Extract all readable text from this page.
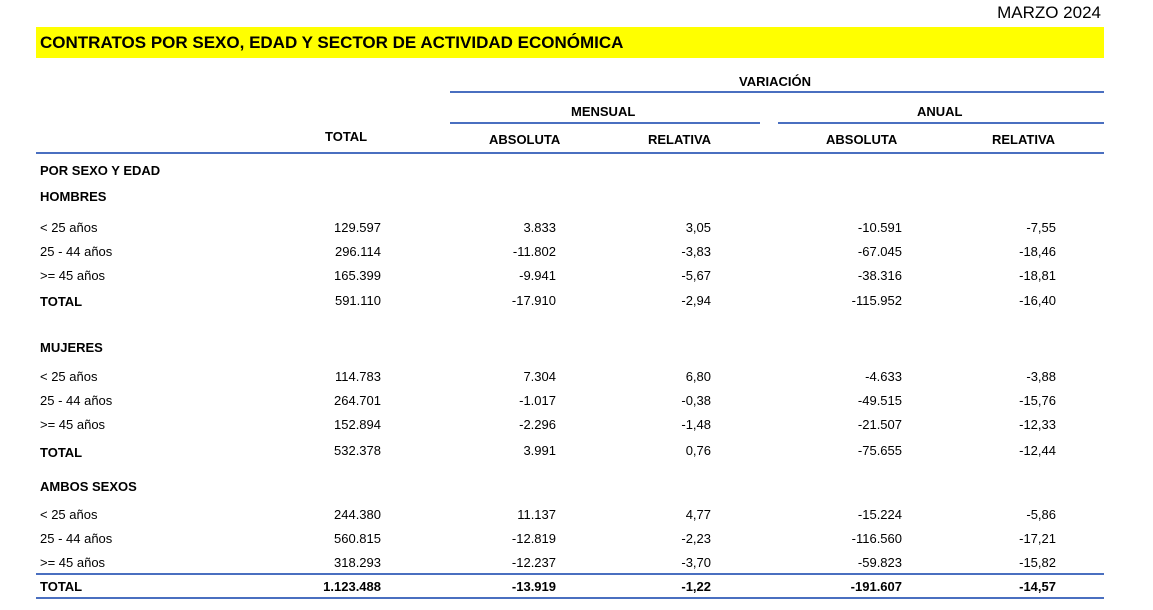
MARZO 2024
CONTRATOS POR SEXO, EDAD Y SECTOR DE ACTIVIDAD ECONÓMICA
VARIACIÓN
MENSUAL	ANUAL
TOTAL	ABSOLUTA	RELATIVA	ABSOLUTA	RELATIVA
POR SEXO Y EDAD
HOMBRES
< 25 años	129.597	3.833	3,05	-10.591	-7,55
25 - 44 años	296.114	-11.802	-3,83	-67.045	-18,46
>= 45 años	165.399	-9.941	-5,67	-38.316	-18,81
TOTAL	591.110	-17.910	-2,94	-115.952	-16,40
MUJERES
< 25 años	114.783	7.304	6,80	-4.633	-3,88
25 - 44 años	264.701	-1.017	-0,38	-49.515	-15,76
>= 45 años	152.894	-2.296	-1,48	-21.507	-12,33
TOTAL	532.378	3.991	0,76	-75.655	-12,44
AMBOS SEXOS
< 25 años	244.380	11.137	4,77	-15.224	-5,86
25 - 44 años	560.815	-12.819	-2,23	-116.560	-17,21
>= 45 años	318.293	-12.237	-3,70	-59.823	-15,82
TOTAL	1.123.488	-13.919	-1,22	-191.607	-14,57
